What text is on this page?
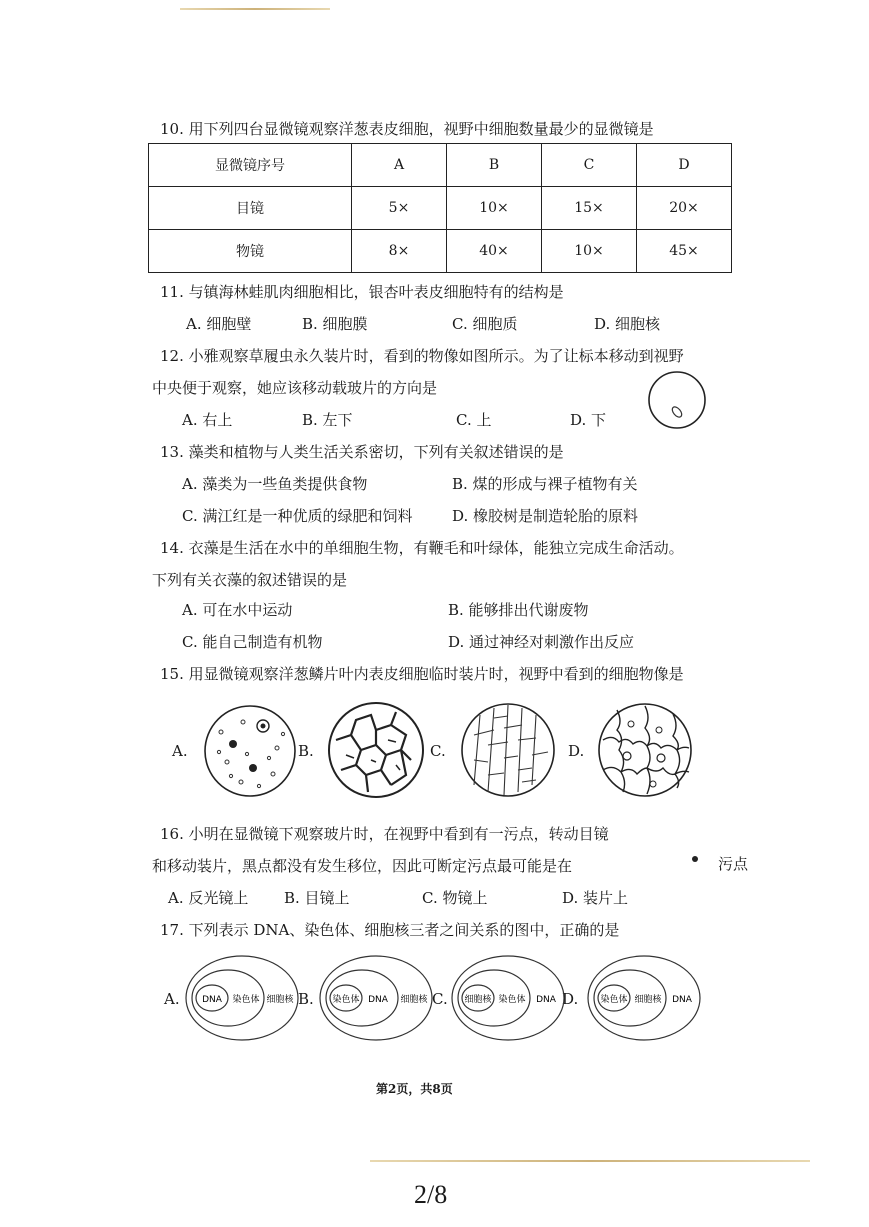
10. 用下列四台显微镜观察洋葱表皮细胞，视野中细胞数量最少的显微镜是
显微镜序号	A	B	C	D
目镜	5×	10×	15×	20×
物镜	8×	40×	10×	45×
11. 与镇海林蛙肌肉细胞相比，银杏叶表皮细胞特有的结构是
A. 细胞壁	B. 细胞膜	C. 细胞质	D. 细胞核
12. 小雅观察草履虫永久装片时，看到的物像如图所示。为了让标本移动到视野
中央便于观察，她应该移动载玻片的方向是
A. 右上	B. 左下	C. 上	D. 下
13. 藻类和植物与人类生活关系密切，下列有关叙述错误的是
A. 藻类为一些鱼类提供食物	B. 煤的形成与裸子植物有关
C. 满江红是一种优质的绿肥和饲料	D. 橡胶树是制造轮胎的原料
14. 衣藻是生活在水中的单细胞生物，有鞭毛和叶绿体，能独立完成生命活动。
下列有关衣藻的叙述错误的是
A. 可在水中运动	B. 能够排出代谢废物
C. 能自己制造有机物	D. 通过神经对刺激作出反应
15. 用显微镜观察洋葱鳞片叶内表皮细胞临时装片时，视野中看到的细胞物像是
A.	B.	C.	D.
16. 小明在显微镜下观察玻片时，在视野中看到有一污点，转动目镜
和移动装片，黑点都没有发生移位，因此可断定污点最可能是在	污点
A. 反光镜上 B. 目镜上	C. 物镜上	D. 装片上
17. 下列表示 DNA、染色体、细胞核三者之间关系的图中，正确的是
A.	B.	C.	D.
DNA 染色体 细胞核	染色体 DNA 细胞核	细胞核 染色体 DNA	染色体 细胞核 DNA
第2页，共8页
2/8
